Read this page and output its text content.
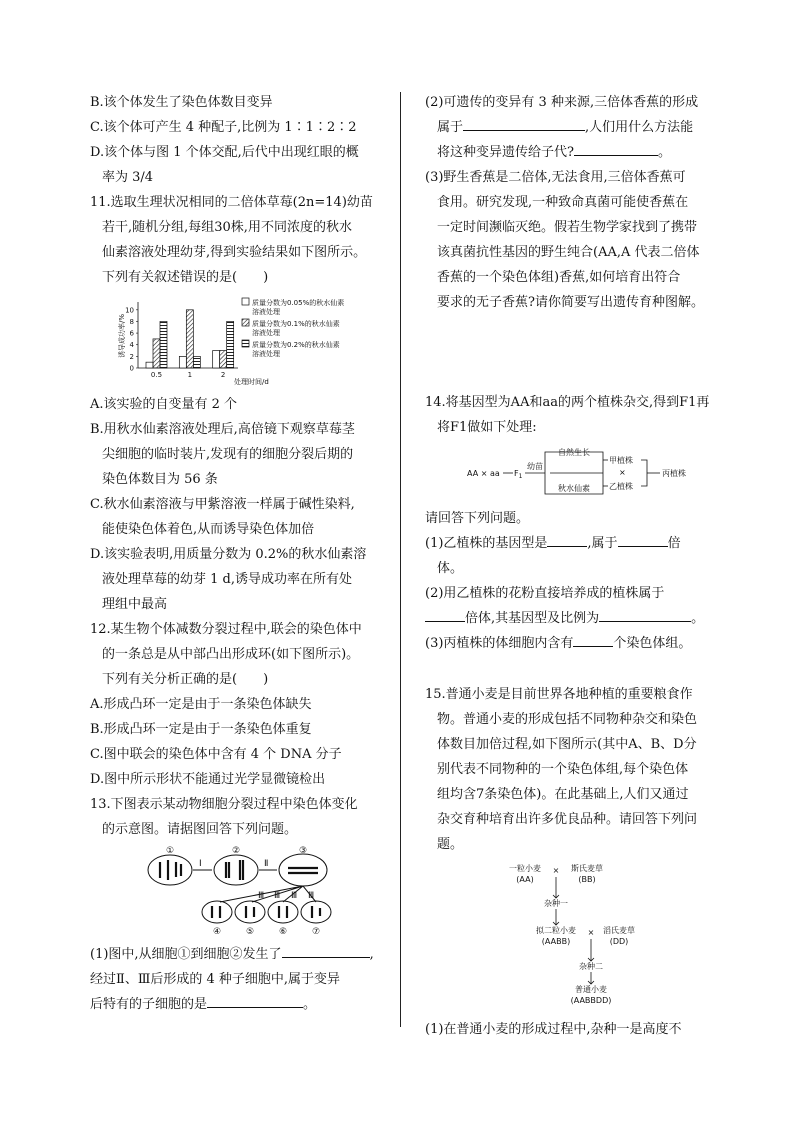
B.该个体发生了染色体数目变异

C.该个体可产生 4 种配子,比例为 1∶1∶2∶2

D.该个体与图 1 个体交配,后代中出现红眼的概

率为 3/4

11.选取生理状况相同的二倍体草莓(2n=14)幼苗

若干,随机分组,每组30株,用不同浓度的秋水

仙素溶液处理幼芽,得到实验结果如下图所示。

下列有关叙述错误的是(　　)

0
2
4
6
8
10
诱导成功率/%
处理时间/d
0.5	1	2
质量分数为0.05%的秋水仙素
溶液处理
质量分数为0.1%的秋水仙素
溶液处理
质量分数为0.2%的秋水仙素
溶液处理

A.该实验的自变量有 2 个

B.用秋水仙素溶液处理后,高倍镜下观察草莓茎

尖细胞的临时装片,发现有的细胞分裂后期的

染色体数目为 56 条

C.秋水仙素溶液与甲紫溶液一样属于碱性染料,

能使染色体着色,从而诱导染色体加倍

D.该实验表明,用质量分数为 0.2%的秋水仙素溶

液处理草莓的幼芽 1 d,诱导成功率在所有处

理组中最高

12.某生物个体减数分裂过程中,联会的染色体中

的一条总是从中部凸出形成环(如下图所示)。

下列有关分析正确的是(　　)

A.形成凸环一定是由于一条染色体缺失

B.形成凸环一定是由于一条染色体重复

C.图中联会的染色体中含有 4 个 DNA 分子

D.图中所示形状不能通过光学显微镜检出

13.下图表示某动物细胞分裂过程中染色体变化

的示意图。请据图回答下列问题。

①	②	③
④	⑤	⑥	⑦
Ⅰ	Ⅱ
Ⅲ Ⅲ Ⅲ Ⅲ

(1)图中,从细胞①到细胞②发生了	,

经过Ⅱ、Ⅲ后形成的 4 种子细胞中,属于变异

后特有的子细胞的是	。

(2)可遗传的变异有 3 种来源,三倍体香蕉的形成

属于	,人们用什么方法能

将这种变异遗传给子代?	。

(3)野生香蕉是二倍体,无法食用,三倍体香蕉可

食用。研究发现,一种致命真菌可能使香蕉在

一定时间濒临灭绝。假若生物学家找到了携带

该真菌抗性基因的野生纯合(AA,A 代表二倍体

香蕉的一个染色体组)香蕉,如何培育出符合

要求的无子香蕉?请你简要写出遗传育种图解。

14.将基因型为AA和aa的两个植株杂交,得到F1再

将F1做如下处理:

AA × aa $F_1$
幼苗
自然生长
秋水仙素
甲植株
×
乙植株
丙植株

请回答下列问题。

(1)乙植株的基因型是	,属于	倍

体。

(2)用乙植株的花粉直接培养成的植株属于

倍体,其基因型及比例为	。

(3)丙植株的体细胞内含有	个染色体组。

15.普通小麦是目前世界各地种植的重要粮食作

物。普通小麦的形成包括不同物种杂交和染色

体数目加倍过程,如下图所示(其中A、B、D分

别代表不同物种的一个染色体组,每个染色体

组均含7条染色体)。在此基础上,人们又通过

杂交育种培育出许多优良品种。请回答下列问

题。

一粒小麦
(AA)
× 斯氏麦草
(BB)
杂种一
拟二粒小麦
(AABB)
× 滔氏麦草
(DD)
杂种二
普通小麦
(AABBDD)

(1)在普通小麦的形成过程中,杂种一是高度不
